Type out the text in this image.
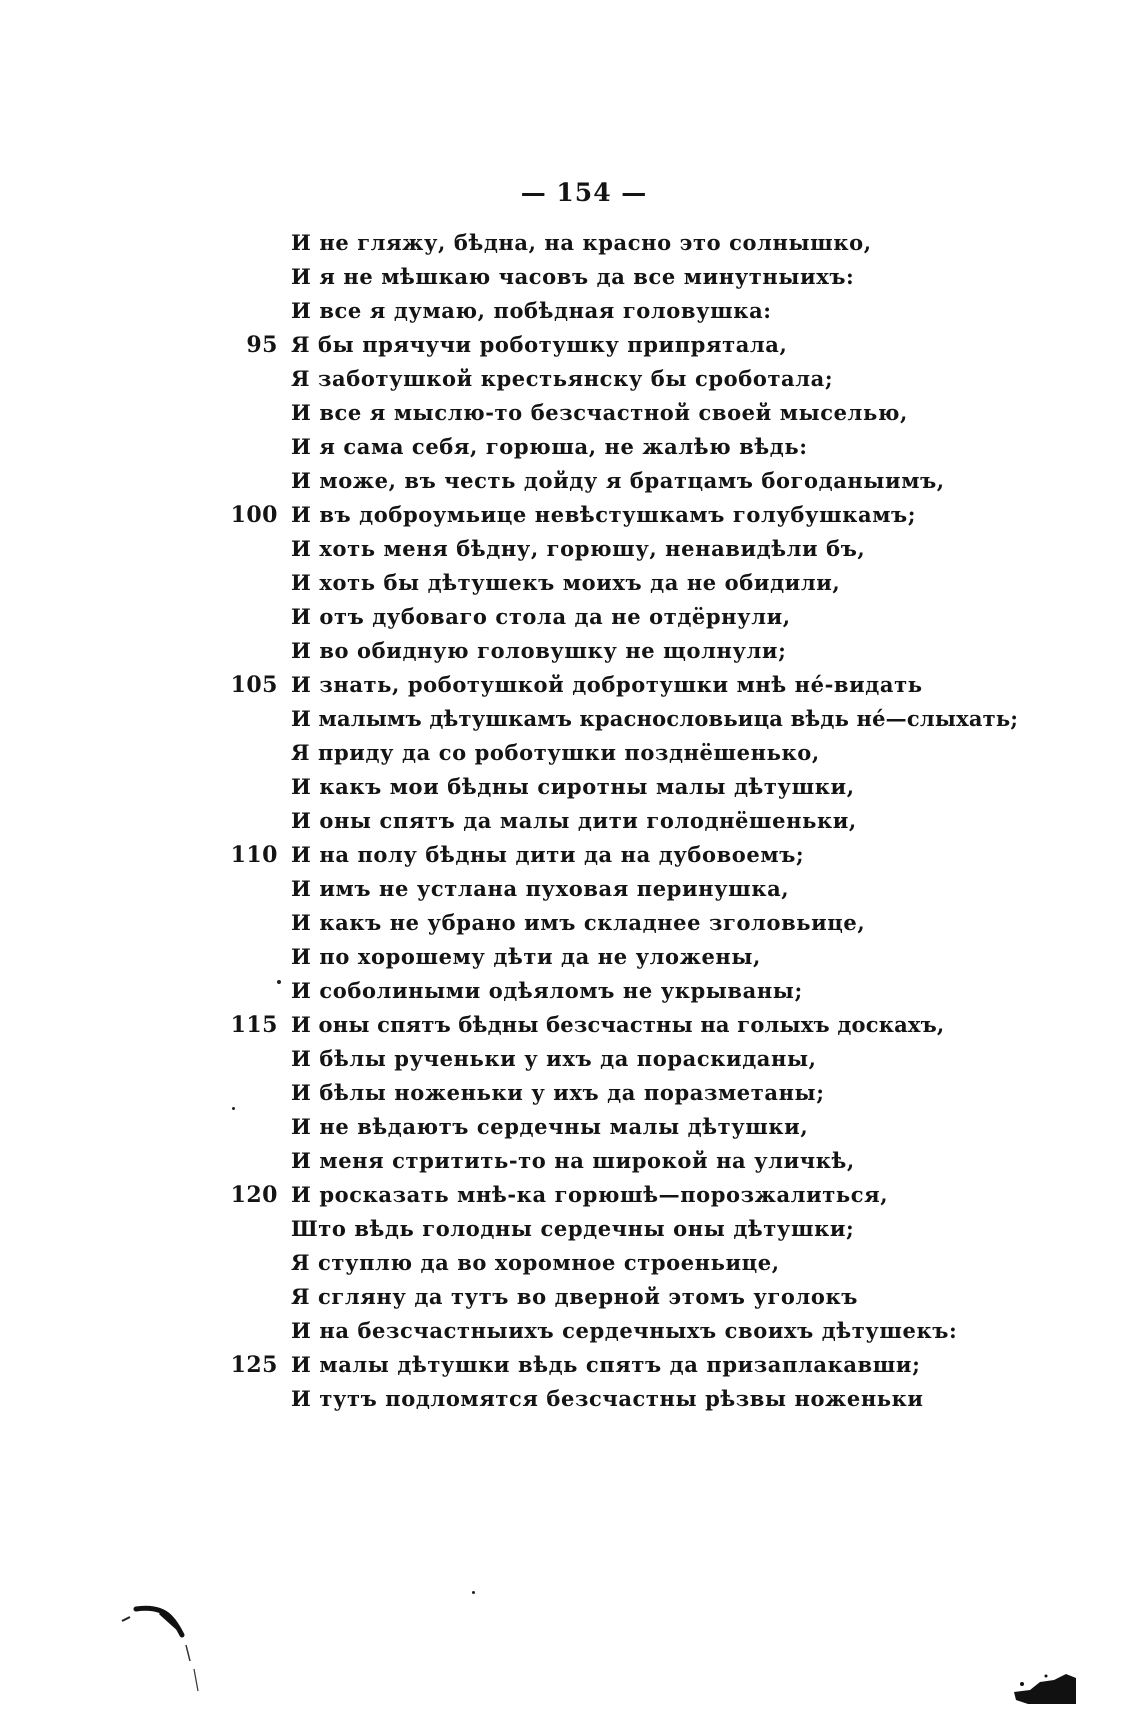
— 154 —
И не гляжу, бѣдна, на красно это солнышко,
И я не мѣшкаю часовъ да все минутныихъ:
И все я думаю, побѣдная головушка:
95 Я бы прячучи роботушку припрятала,
Я заботушкой крестьянску бы сроботала;
И все я мыслю-то безсчастной своей мыселью,
И я сама себя, горюша, не жалѣю вѣдь:
И може, въ честь дойду я братцамъ богоданыимъ,
100 И въ доброумьице невѣстушкамъ голубушкамъ;
И хоть меня бѣдну, горюшу, ненавидѣли бъ,
И хоть бы дѣтушекъ моихъ да не обидили,
И отъ дубоваго стола да не отдёрнули,
И во обидную головушку не щолнули;
105 И знать, роботушкой добротушки мнѣ нé-видать
И малымъ дѣтушкамъ краснословьица вѣдь нé—слыхать;
Я приду да со роботушки позднёшенько,
И какъ мои бѣдны сиротны малы дѣтушки,
И оны спятъ да малы дити голоднёшеньки,
110 И на полу бѣдны дити да на дубовоемъ;
И имъ не устлана пуховая перинушка,
И какъ не убрано имъ складнее зголовьице,
И по хорошему дѣти да не уложены,
И соболиными одѣяломъ не укрываны;
115 И оны спятъ бѣдны безсчастны на голыхъ доскахъ,
И бѣлы рученьки у ихъ да пораскиданы,
И бѣлы ноженьки у ихъ да поразметаны;
И не вѣдаютъ сердечны малы дѣтушки,
И меня стритить-то на широкой на уличкѣ,
120 И росказать мнѣ-ка горюшѣ—порозжалиться,
Што вѣдь голодны сердечны оны дѣтушки;
Я ступлю да во хоромное строеньице,
Я сгляну да тутъ во дверной этомъ уголокъ
И на безсчастныихъ сердечныхъ своихъ дѣтушекъ:
125 И малы дѣтушки вѣдь спятъ да призаплакавши;
И тутъ подломятся безсчастны рѣзвы ноженьки
